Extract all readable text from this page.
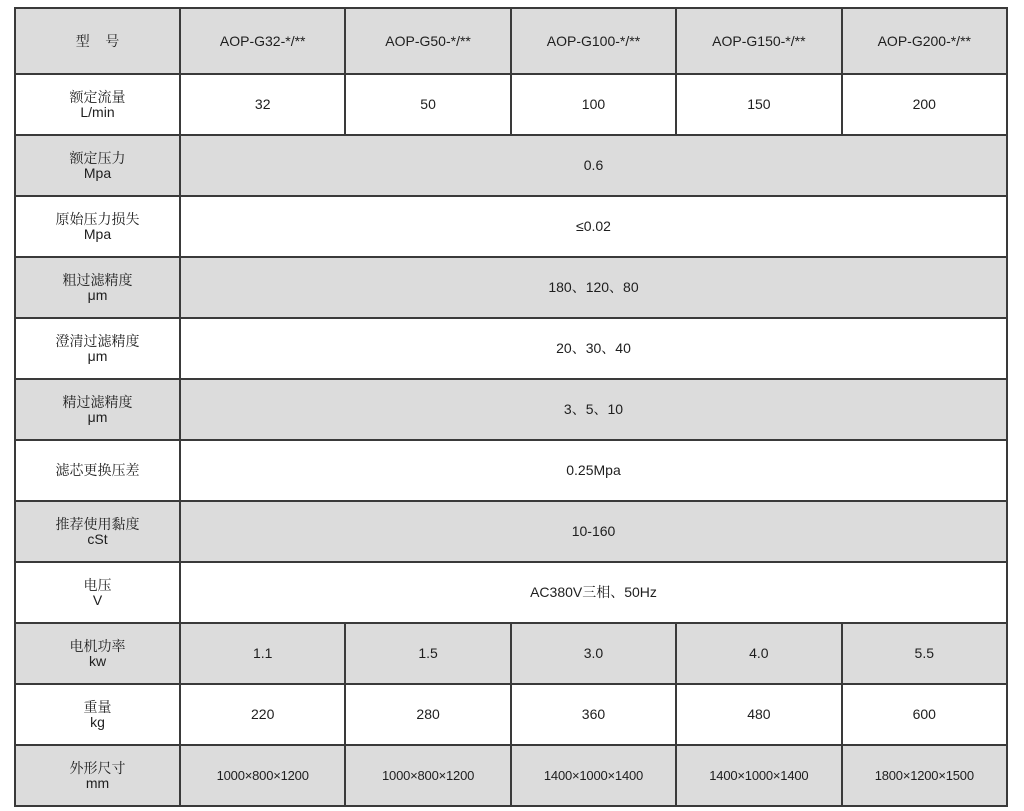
型    号	AOP-G32-*/**	AOP-G50-*/**	AOP-G100-*/**	AOP-G150-*/**	AOP-G200-*/**

额定流量
L/min	32	50	100	150	200

额定压力
Mpa	0.6				

原始压力损失
Mpa	≤0.02				

粗过滤精度
μm	180、120、80				

澄清过滤精度
μm	20、30、40				

精过滤精度
μm	3、5、10				

滤芯更换压差	0.25Mpa				

推荐使用黏度
cSt	10-160				

电压
V	AC380V三相、50Hz				

电机功率
kw	1.1	1.5	3.0	4.0	5.5

重量
kg	220	280	360	480	600

外形尺寸
mm	1000×800×1200	1000×800×1200	1400×1000×1400	1400×1000×1400	1800×1200×1500
